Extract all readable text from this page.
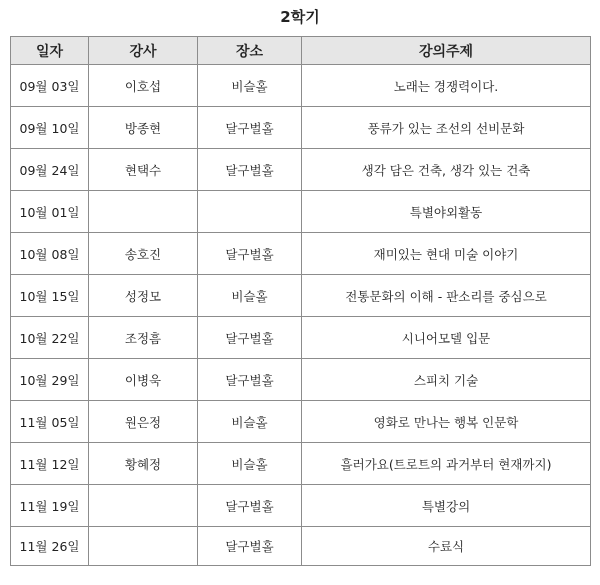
2학기
일자	강사	장소	강의주제
09월 03일	이호섭	비슬홀	노래는 경쟁력이다.
09월 10일	방종현	달구벌홀	풍류가 있는 조선의 선비문화
09월 24일	현택수	달구벌홀	생각 담은 건축, 생각 있는 건축
10월 01일			특별야외활동
10월 08일	송호진	달구벌홀	재미있는 현대 미술 이야기
10월 15일	성정모	비슬홀	전통문화의 이해 - 판소리를 중심으로
10월 22일	조정흠	달구벌홀	시니어모델 입문
10월 29일	이병욱	달구벌홀	스피치 기술
11월 05일	원은정	비슬홀	영화로 만나는 행복 인문학
11월 12일	황혜정	비슬홀	흘러가요(트로트의 과거부터 현재까지)
11월 19일		달구벌홀	특별강의
11월 26일		달구벌홀	수료식
